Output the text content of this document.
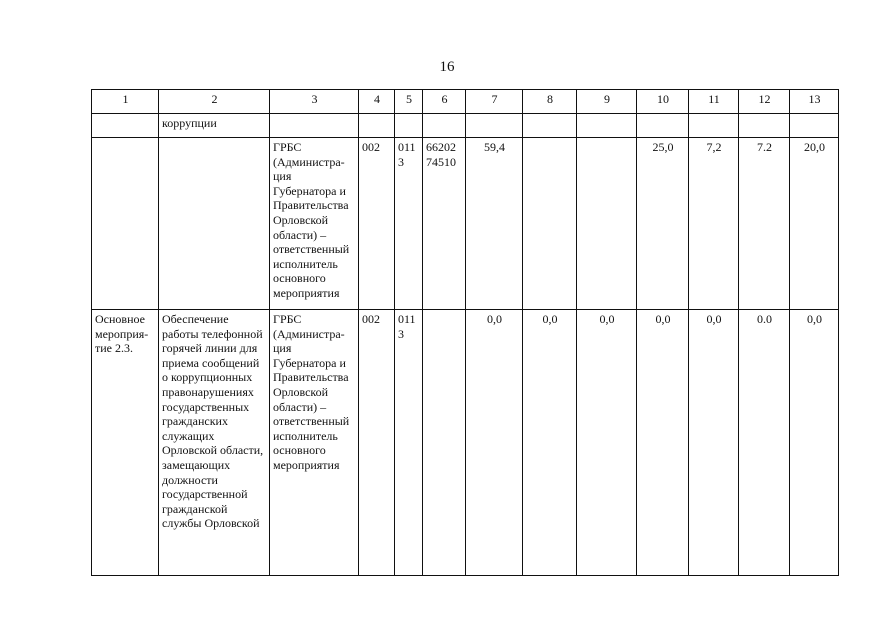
16
1	2	3	4	5	6	7	8	9	10	11	12	13
	коррупции											
		ГРБС (Администра-ция Губернатора и Правительства Орловской области) – ответственный исполнитель основного мероприятия	002	011 3	66202 74510	59,4			25,0	7,2	7.2	20,0
Основное мероприя-тие 2.3.	Обеспечение работы телефонной горячей линии для приема сообщений о коррупционных правонарушениях государственных гражданских служащих Орловской области, замещающих должности государственной гражданской службы Орловской	ГРБС (Администра-ция Губернатора и Правительства Орловской области) – ответственный исполнитель основного мероприятия	002	011 3		0,0	0,0	0,0	0,0	0,0	0.0	0,0
